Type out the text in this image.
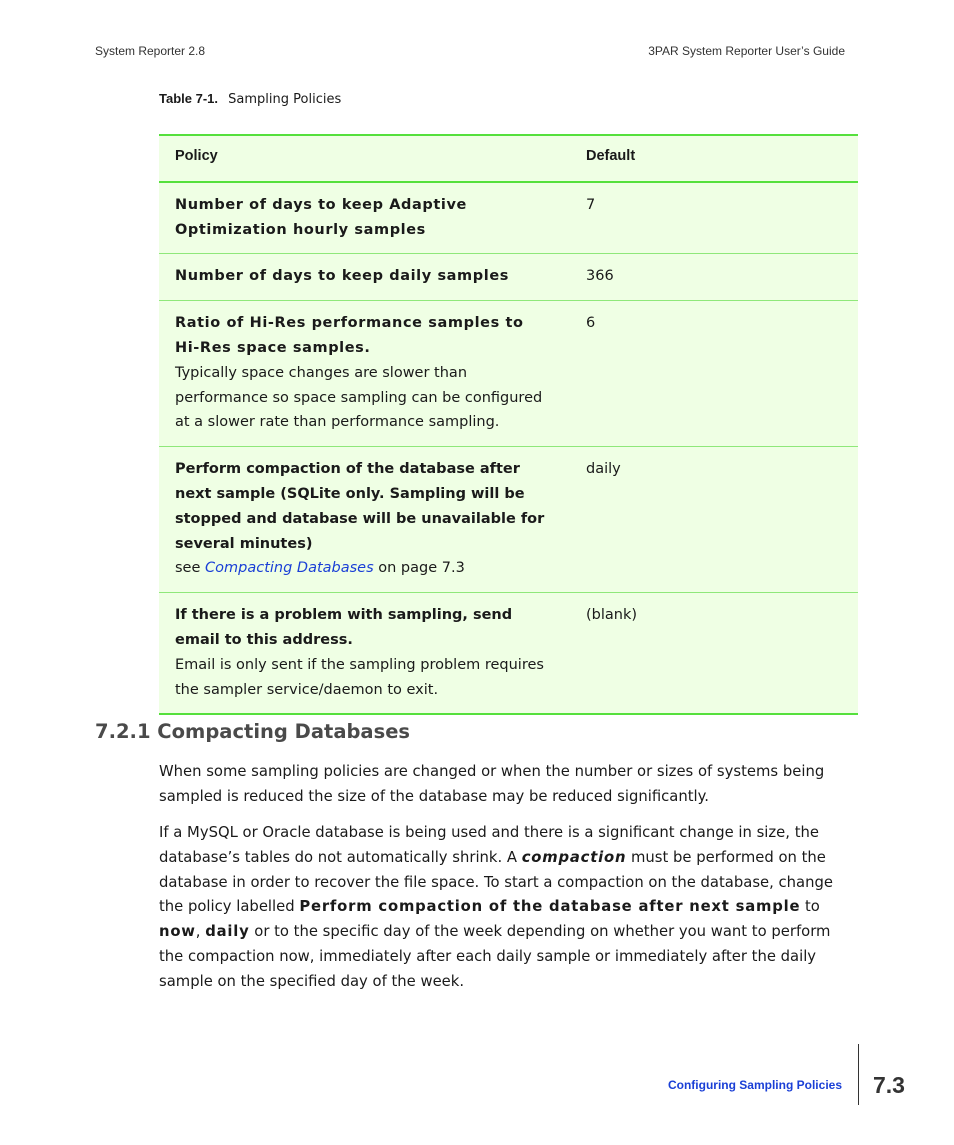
System Reporter 2.8	3PAR System Reporter User’s Guide
Table 7-1. Sampling Policies
Policy	Default

Number of days to keep Adaptive Optimization hourly samples	7

Number of days to keep daily samples	366

Ratio of Hi-Res performance samples to Hi-Res space samples.
Typically space changes are slower than performance so space sampling can be configured at a slower rate than performance sampling.	6

Perform compaction of the database after next sample (SQLite only. Sampling will be stopped and database will be unavailable for several minutes)
see Compacting Databases on page 7.3	daily

If there is a problem with sampling, send email to this address.
Email is only sent if the sampling problem requires the sampler service/daemon to exit.	(blank)
7.2.1 Compacting Databases

When some sampling policies are changed or when the number or sizes of systems being sampled is reduced the size of the database may be reduced significantly.

If a MySQL or Oracle database is being used and there is a significant change in size, the database’s tables do not automatically shrink. A compaction must be performed on the database in order to recover the file space. To start a compaction on the database, change the policy labelled Perform compaction of the database after next sample to now, daily or to the specific day of the week depending on whether you want to perform the compaction now, immediately after each daily sample or immediately after the daily sample on the specified day of the week.

Configuring Sampling Policies 7.3
